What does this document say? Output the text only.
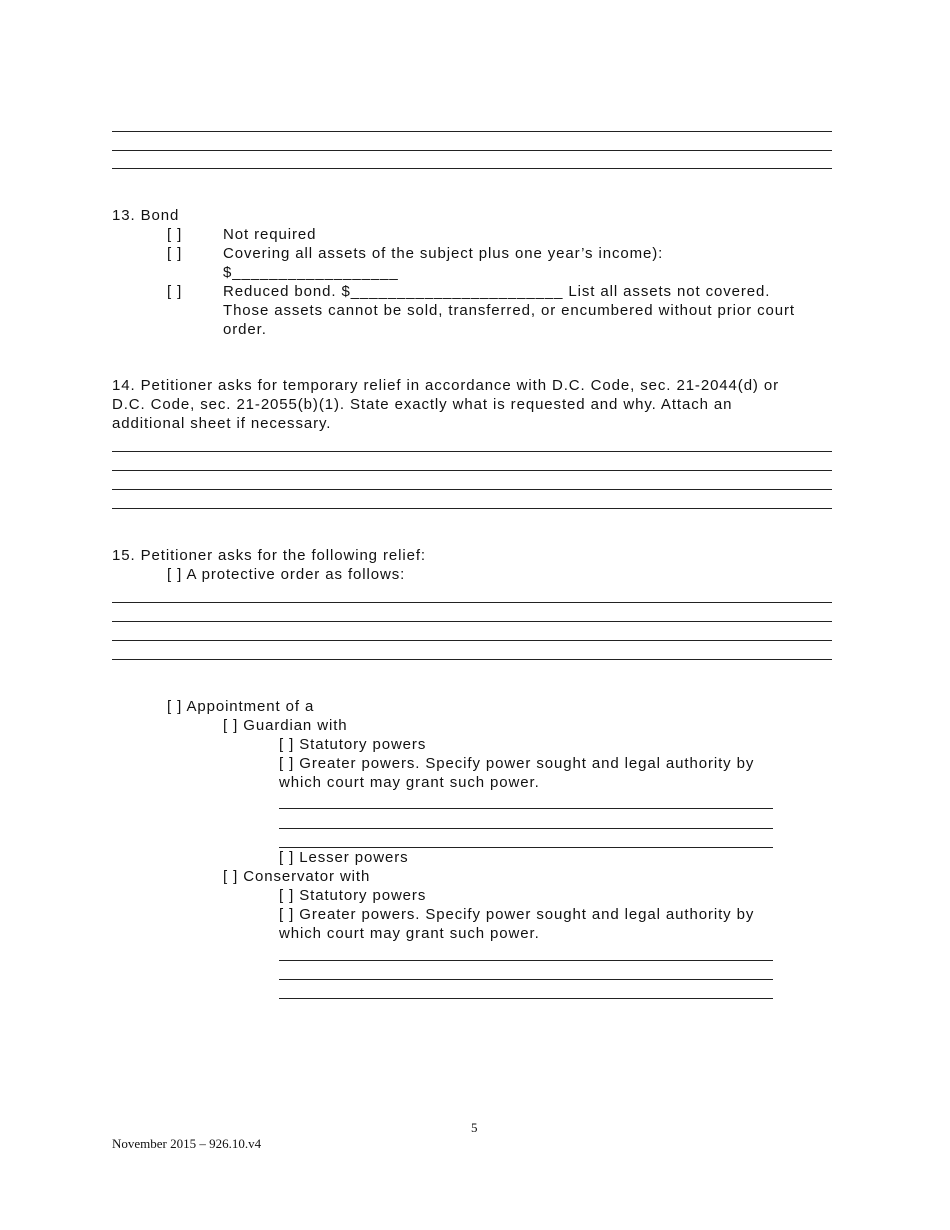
13. Bond
[ ]	Not required
[ ]	Covering all assets of the subject plus one year’s income):
$__________________
[ ]	Reduced bond. $_______________________ List all assets not covered.
Those assets cannot be sold, transferred, or encumbered without prior court
order.
14. Petitioner asks for temporary relief in accordance with D.C. Code, sec. 21-2044(d) or
D.C. Code, sec. 21-2055(b)(1). State exactly what is requested and why. Attach an
additional sheet if necessary.
15. Petitioner asks for the following relief:
[ ] A protective order as follows:
[ ] Appointment of a
[ ] Guardian with
[ ] Statutory powers
[ ] Greater powers. Specify power sought and legal authority by
which court may grant such power.
[ ] Lesser powers
[ ] Conservator with
[ ] Statutory powers
[ ] Greater powers. Specify power sought and legal authority by
which court may grant such power.
5
November 2015 – 926.10.v4
